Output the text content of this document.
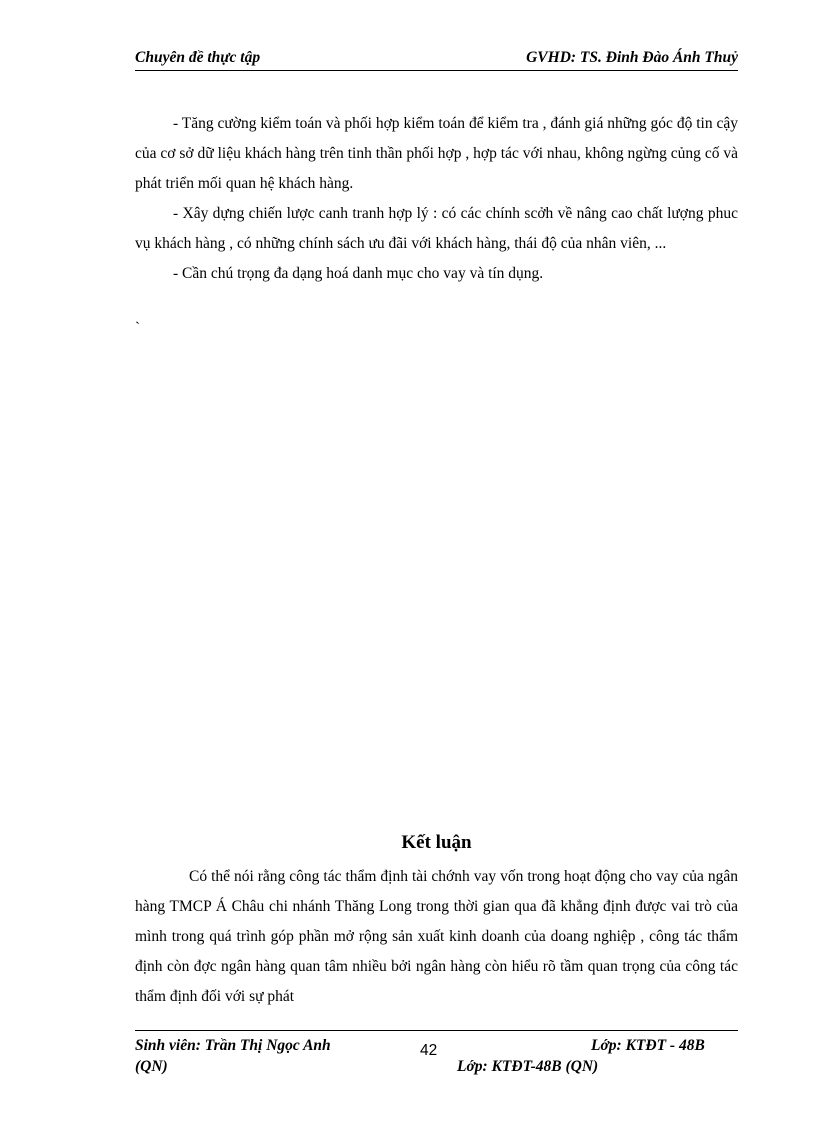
Chuyên đề thực tập	GVHD: TS. Đinh Đào Ánh Thuỷ

- Tăng cường kiểm toán và phối hợp kiểm toán để kiểm tra , đánh giá những góc độ tin cậy của cơ sở dữ liệu khách hàng trên tinh thần phối hợp , hợp tác với nhau, không ngừng củng cố và phát triển mối quan hệ khách hàng.

- Xây dựng chiến lược canh tranh hợp lý : có các chính scởh về nâng cao chất lượng phuc vụ khách hàng , có những chính sách ưu đãi với khách hàng, thái độ của nhân viên, ...

- Cần chú trọng đa dạng hoá danh mục cho vay và tín dụng.

`
Kết luận

Có thể nói rằng công tác thẩm định tài chớnh vay vốn trong hoạt động cho vay của ngân hàng TMCP Á Châu chi nhánh Thăng Long trong thời gian qua đã khẳng định được vai trò của mình trong quá trình góp phần mở rộng sản xuất kinh doanh của doang nghiệp , công tác thẩm định còn đợc ngân hàng quan tâm nhiều bởi ngân hàng còn hiểu rõ tầm quan trọng của công tác thẩm định đối với sự phát

Sinh viên: Trần Thị Ngọc Anh	42	Lớp: KTĐT - 48B
(QN)	Lớp: KTĐT-48B (QN)
